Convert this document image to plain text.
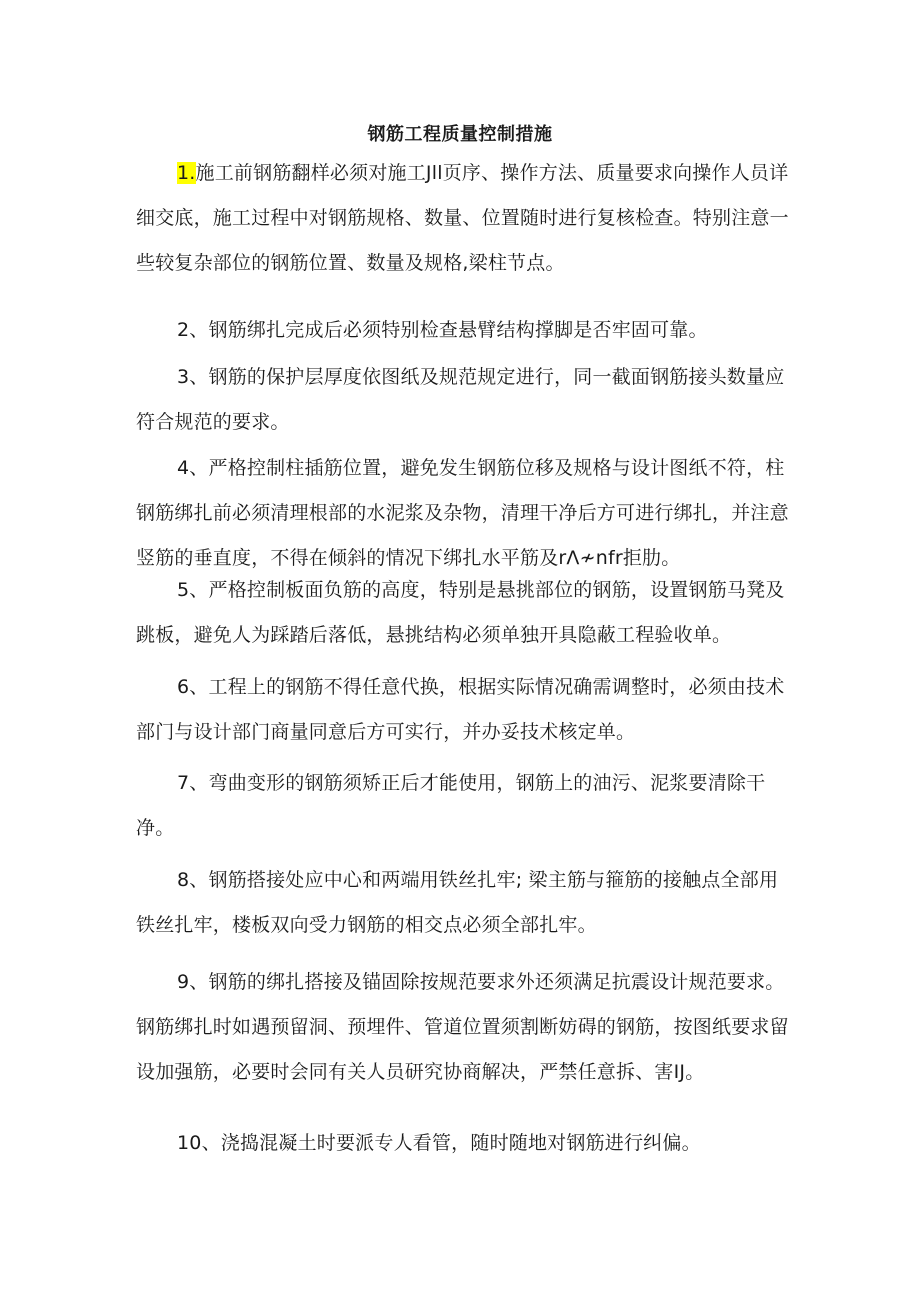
钢筋工程质量控制措施

1.施工前钢筋翻样必须对施工Jll页序、操作方法、质量要求向操作人员详细交底，施工过程中对钢筋规格、数量、位置随时进行复核检查。特别注意一些较复杂部位的钢筋位置、数量及规格,梁柱节点。

2、钢筋绑扎完成后必须特别检查悬臂结构撑脚是否牢固可靠。

3、钢筋的保护层厚度依图纸及规范规定进行，同一截面钢筋接头数量应符合规范的要求。

4、严格控制柱插筋位置，避免发生钢筋位移及规格与设计图纸不符，柱钢筋绑扎前必须清理根部的水泥浆及杂物，清理干净后方可进行绑扎，并注意竖筋的垂直度，不得在倾斜的情况下绑扎水平筋及rΛ≁nfr拒肋。

5、严格控制板面负筋的高度，特别是悬挑部位的钢筋，设置钢筋马凳及跳板，避免人为踩踏后落低，悬挑结构必须单独开具隐蔽工程验收单。

6、工程上的钢筋不得任意代换，根据实际情况确需调整时，必须由技术部门与设计部门商量同意后方可实行，并办妥技术核定单。

7、弯曲变形的钢筋须矫正后才能使用，钢筋上的油污、泥浆要清除干净。

8、钢筋搭接处应中心和两端用铁丝扎牢; 梁主筋与箍筋的接触点全部用铁丝扎牢，楼板双向受力钢筋的相交点必须全部扎牢。

9、钢筋的绑扎搭接及锚固除按规范要求外还须满足抗震设计规范要求。钢筋绑扎时如遇预留洞、预埋件、管道位置须割断妨碍的钢筋，按图纸要求留设加强筋，必要时会同有关人员研究协商解决，严禁任意拆、害IJ。

10、浇捣混凝土时要派专人看管，随时随地对钢筋进行纠偏。
